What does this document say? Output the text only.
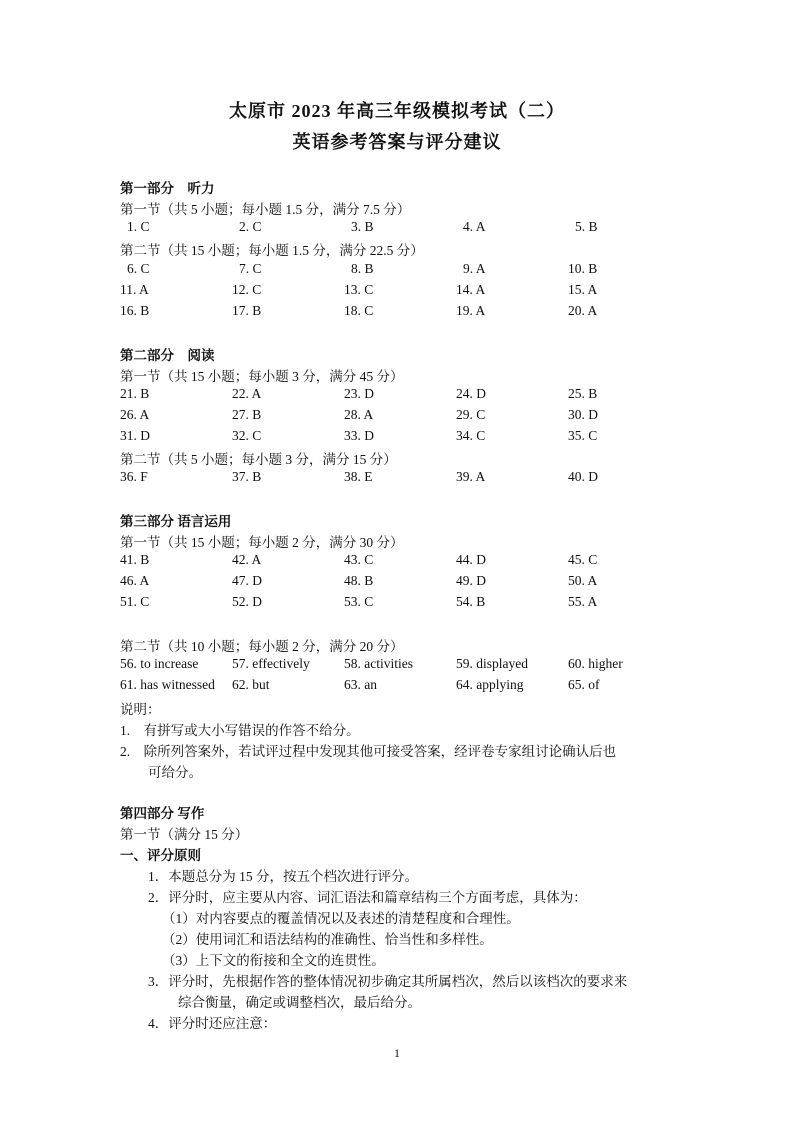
太原市 2023 年高三年级模拟考试（二）
英语参考答案与评分建议
第一部分　听力
第一节（共 5 小题；每小题 1.5 分，满分 7.5 分）
1. C	2. C	3. B	4. A	5. B
第二节（共 15 小题；每小题 1.5 分，满分 22.5 分）
6. C	7. C	8. B	9. A	10. B
11. A	12. C	13. C	14. A	15. A
16. B	17. B	18. C	19. A	20. A
第二部分　阅读
第一节（共 15 小题；每小题 3 分，满分 45 分）
21. B	22. A	23. D	24. D	25. B
26. A	27. B	28. A	29. C	30. D
31. D	32. C	33. D	34. C	35. C
第二节（共 5 小题；每小题 3 分，满分 15 分）
36. F	37. B	38. E	39. A	40. D
第三部分 语言运用
第一节（共 15 小题；每小题 2 分，满分 30 分）
41. B	42. A	43. C	44. D	45. C
46. A	47. D	48. B	49. D	50. A
51. C	52. D	53. C	54. B	55. A
第二节（共 10 小题；每小题 2 分，满分 20 分）
56. to increase 57. effectively	58. activities	59. displayed	60. higher
61. has witnessed 62. but	63. an	64. applying	65. of
说明：
1.　有拼写或大小写错误的作答不给分。
2.　除所列答案外，若试评过程中发现其他可接受答案，经评卷专家组讨论确认后也
可给分。
第四部分 写作
第一节（满分 15 分）
一、评分原则
1．本题总分为 15 分，按五个档次进行评分。
2．评分时，应主要从内容、词汇语法和篇章结构三个方面考虑，具体为：
（1）对内容要点的覆盖情况以及表述的清楚程度和合理性。
（2）使用词汇和语法结构的准确性、恰当性和多样性。
（3）上下文的衔接和全文的连贯性。
3．评分时，先根据作答的整体情况初步确定其所属档次，然后以该档次的要求来
综合衡量，确定或调整档次，最后给分。
4．评分时还应注意：
1
